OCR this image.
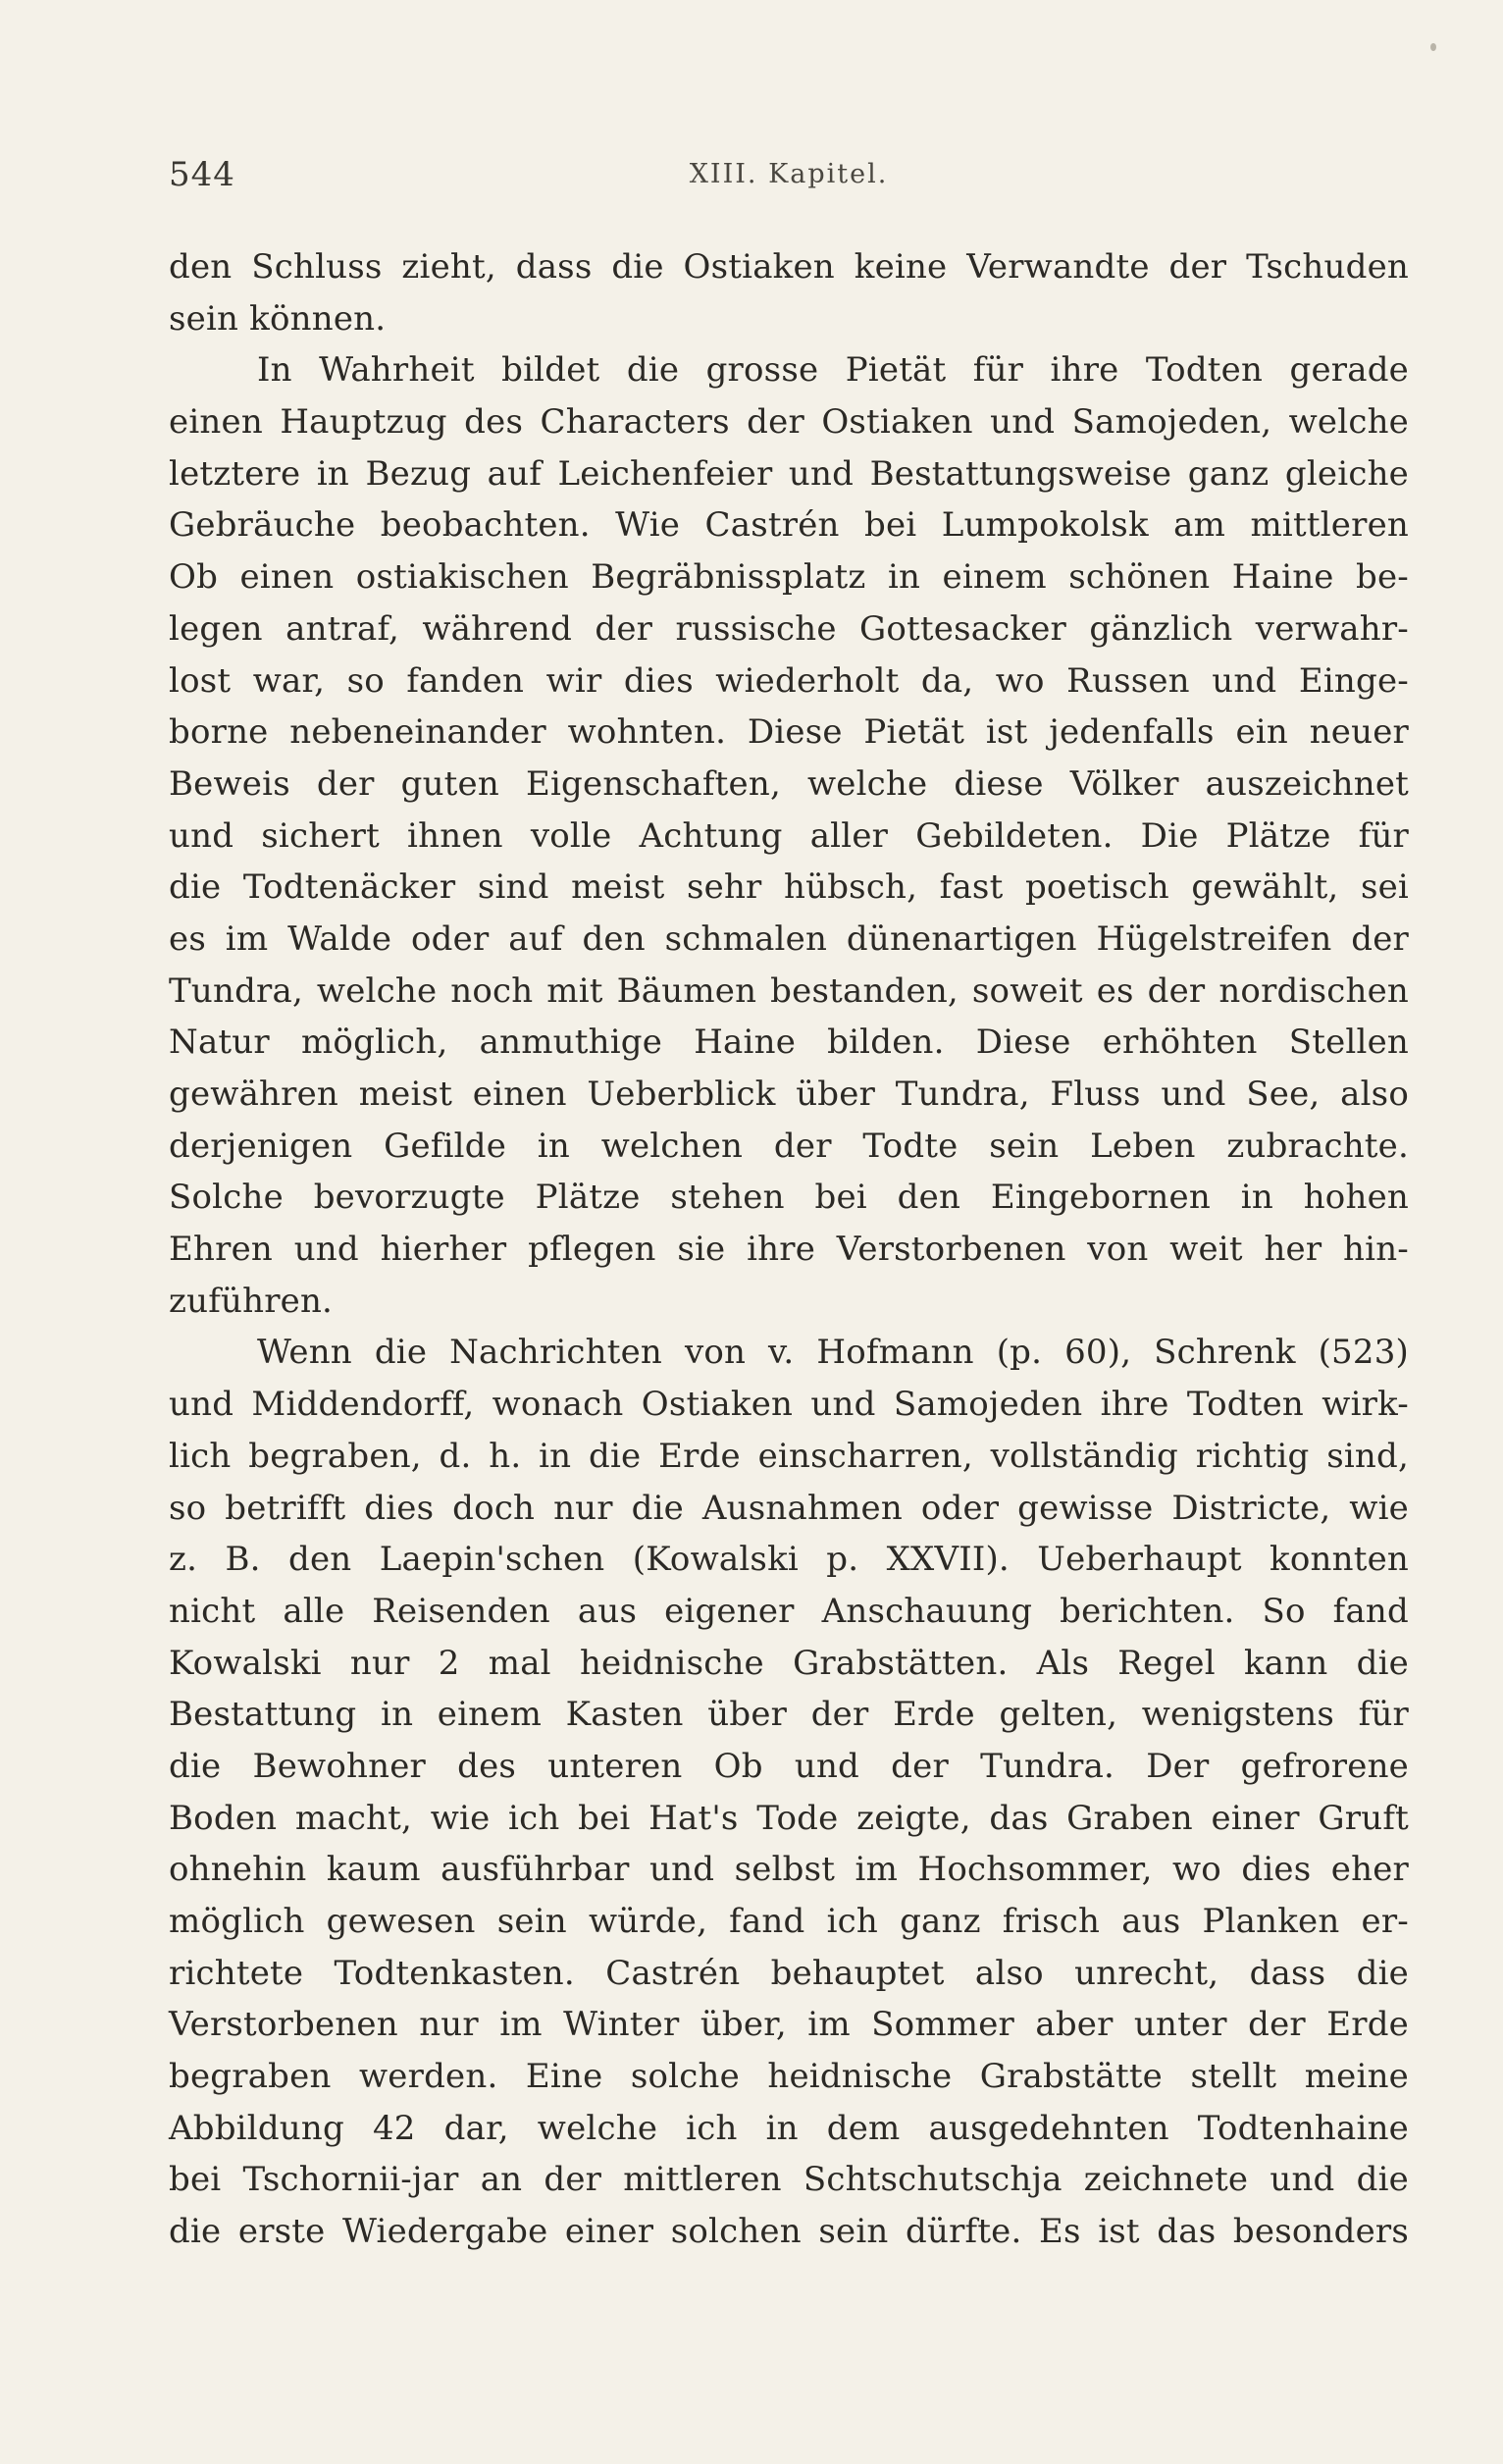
544	XIII. Kapitel.
den Schluss zieht, dass die Ostiaken keine Verwandte der Tschuden
sein können.
In Wahrheit bildet die grosse Pietät für ihre Todten gerade
einen Hauptzug des Characters der Ostiaken und Samojeden, welche
letztere in Bezug auf Leichenfeier und Bestattungsweise ganz gleiche
Gebräuche beobachten. Wie Castrén bei Lumpokolsk am mittleren
Ob einen ostiakischen Begräbnissplatz in einem schönen Haine be-
legen antraf, während der russische Gottesacker gänzlich verwahr-
lost war, so fanden wir dies wiederholt da, wo Russen und Einge-
borne nebeneinander wohnten. Diese Pietät ist jedenfalls ein neuer
Beweis der guten Eigenschaften, welche diese Völker auszeichnet
und sichert ihnen volle Achtung aller Gebildeten. Die Plätze für
die Todtenäcker sind meist sehr hübsch, fast poetisch gewählt, sei
es im Walde oder auf den schmalen dünenartigen Hügelstreifen der
Tundra, welche noch mit Bäumen bestanden, soweit es der nordischen
Natur möglich, anmuthige Haine bilden. Diese erhöhten Stellen
gewähren meist einen Ueberblick über Tundra, Fluss und See, also
derjenigen Gefilde in welchen der Todte sein Leben zubrachte.
Solche bevorzugte Plätze stehen bei den Eingebornen in hohen
Ehren und hierher pflegen sie ihre Verstorbenen von weit her hin-
zuführen.
Wenn die Nachrichten von v. Hofmann (p. 60), Schrenk (523)
und Middendorff, wonach Ostiaken und Samojeden ihre Todten wirk-
lich begraben, d. h. in die Erde einscharren, vollständig richtig sind,
so betrifft dies doch nur die Ausnahmen oder gewisse Districte, wie
z. B. den Laepin'schen (Kowalski p. XXVII). Ueberhaupt konnten
nicht alle Reisenden aus eigener Anschauung berichten. So fand
Kowalski nur 2 mal heidnische Grabstätten. Als Regel kann die
Bestattung in einem Kasten über der Erde gelten, wenigstens für
die Bewohner des unteren Ob und der Tundra. Der gefrorene
Boden macht, wie ich bei Hat's Tode zeigte, das Graben einer Gruft
ohnehin kaum ausführbar und selbst im Hochsommer, wo dies eher
möglich gewesen sein würde, fand ich ganz frisch aus Planken er-
richtete Todtenkasten. Castrén behauptet also unrecht, dass die
Verstorbenen nur im Winter über, im Sommer aber unter der Erde
begraben werden. Eine solche heidnische Grabstätte stellt meine
Abbildung 42 dar, welche ich in dem ausgedehnten Todtenhaine
bei Tschornii-jar an der mittleren Schtschutschja zeichnete und die
die erste Wiedergabe einer solchen sein dürfte. Es ist das besonders
